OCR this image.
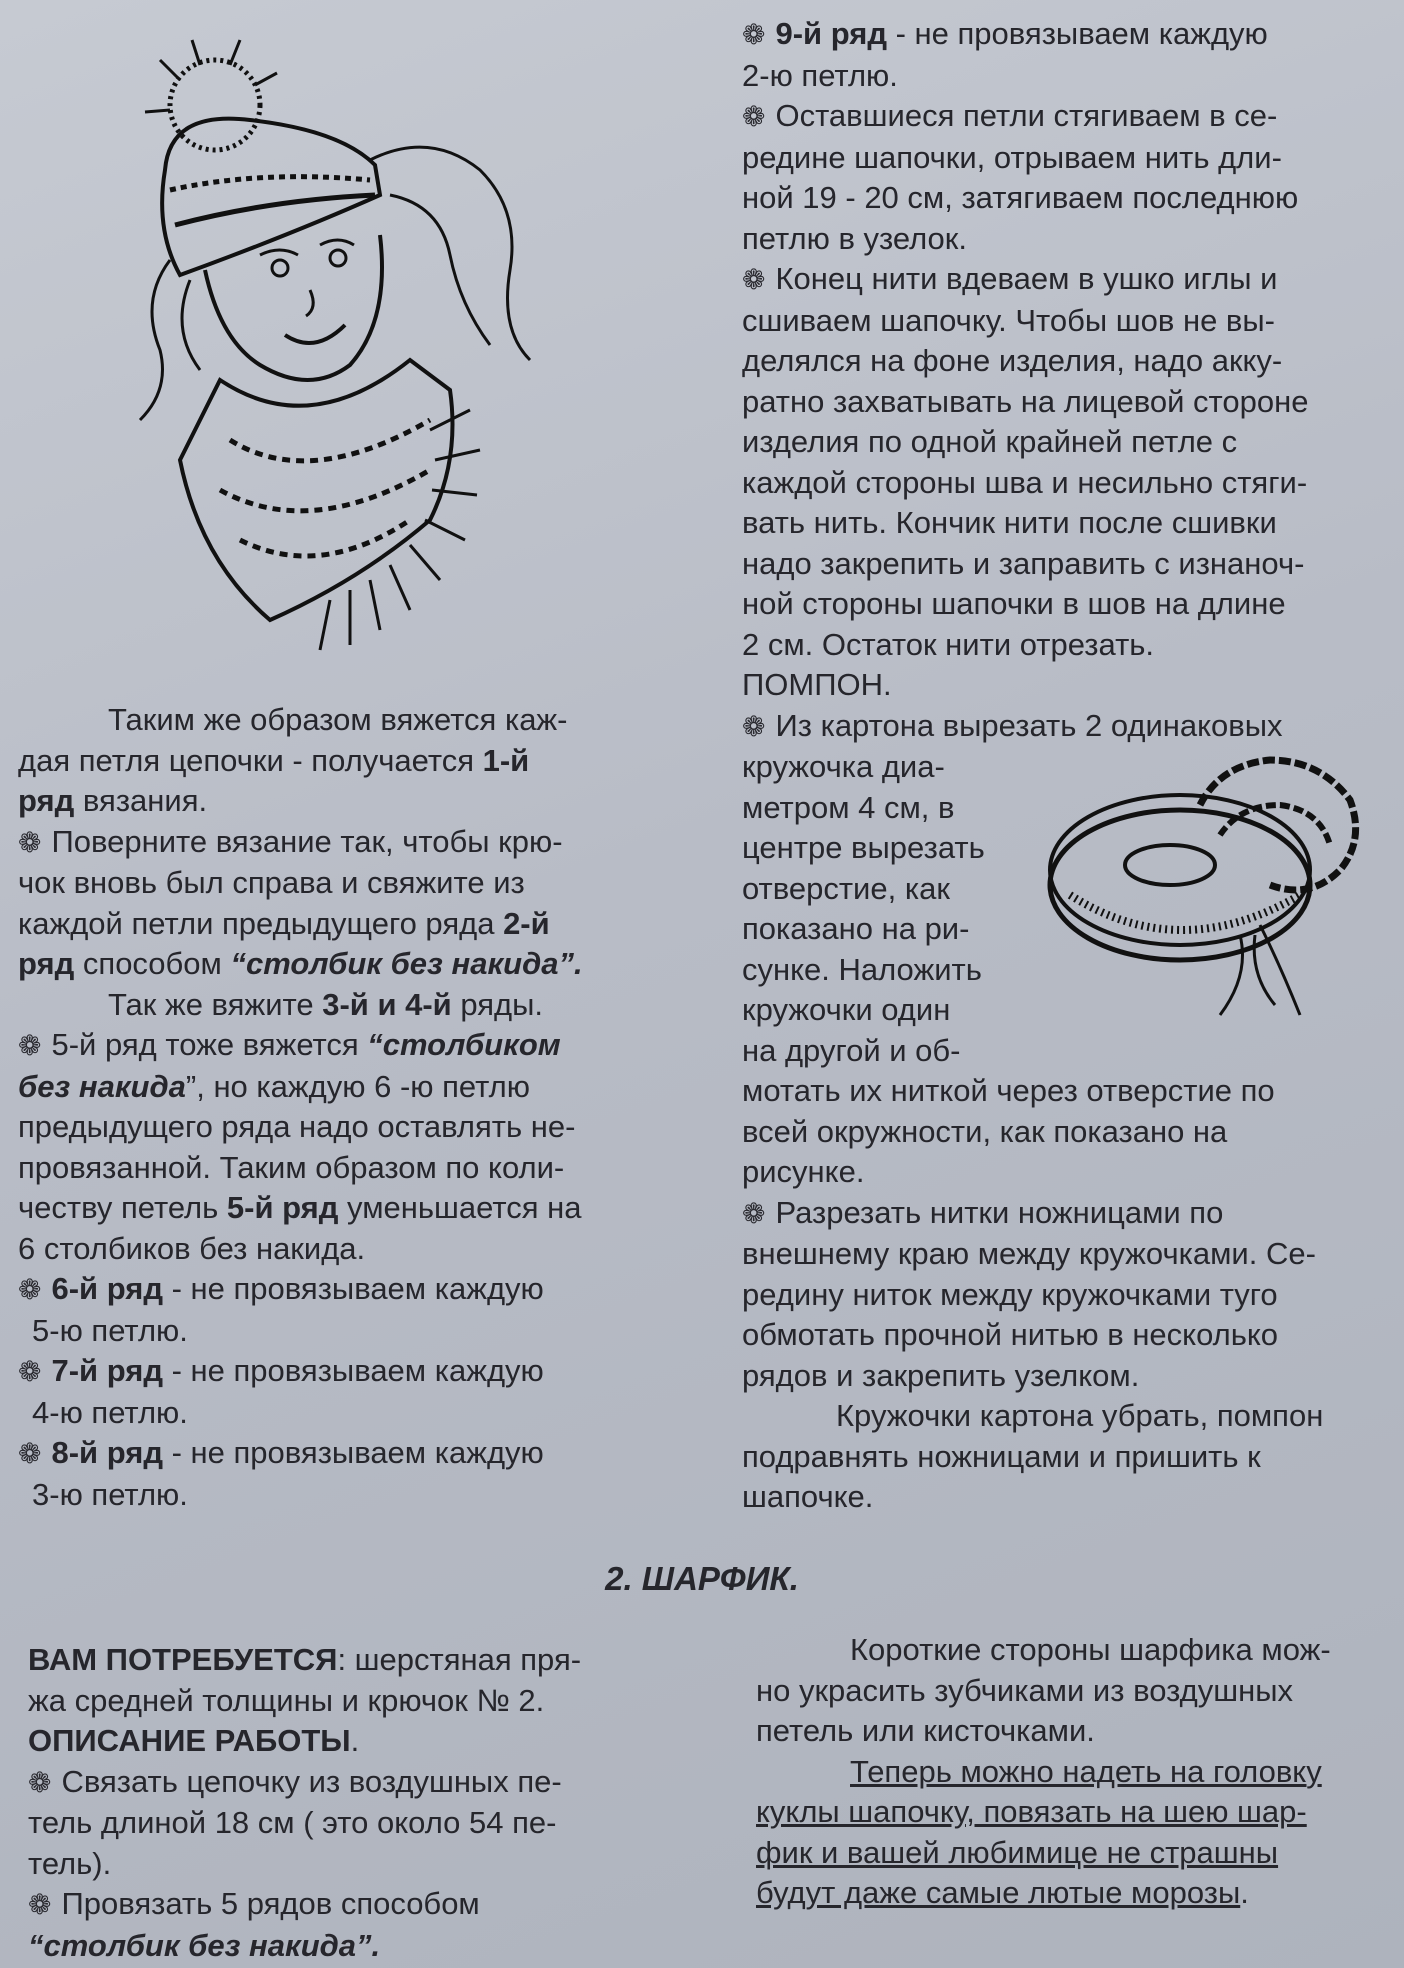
Таким же образом вяжется каж-

дая петля цепочки - получается 1-й

ряд вязания.

❁ Поверните вязание так, чтобы крю-

чок вновь был справа и свяжите из

каждой петли предыдущего ряда 2-й

ряд способом “столбик без накида”.

Так же вяжите 3-й и 4-й ряды.

❁ 5-й ряд тоже вяжется “столбиком

без накида”, но каждую 6 -ю петлю

предыдущего ряда надо оставлять не-

провязанной. Таким образом по коли-

честву петель 5-й ряд уменьшается на

6 столбиков без накида.

❁ 6-й ряд - не провязываем каждую

5-ю петлю.

❁ 7-й ряд - не провязываем каждую

4-ю петлю.

❁ 8-й ряд - не провязываем каждую

3-ю петлю.

❁ 9-й ряд - не провязываем каждую

2-ю петлю.

❁ Оставшиеся петли стягиваем в се-

редине шапочки, отрываем нить дли-

ной 19 - 20 см, затягиваем последнюю

петлю в узелок.

❁ Конец нити вдеваем в ушко иглы и

сшиваем шапочку. Чтобы шов не вы-

делялся на фоне изделия, надо акку-

ратно захватывать на лицевой стороне

изделия по одной крайней петле с

каждой стороны шва и несильно стяги-

вать нить. Кончик нити после сшивки

надо закрепить и заправить с изнаноч-

ной стороны шапочки в шов на длине

2 см. Остаток нити отрезать.

ПОМПОН.

❁ Из картона вырезать 2 одинаковых

кружочка диа-

метром 4 см, в

центре вырезать

отверстие, как

показано на ри-

сунке. Наложить

кружочки один

на другой и об-

мотать их ниткой через отверстие по

всей окружности, как показано на

рисунке.

❁ Разрезать нитки ножницами по

внешнему краю между кружочками. Се-

редину ниток между кружочками туго

обмотать прочной нитью в несколько

рядов и закрепить узелком.

Кружочки картона убрать, помпон

подравнять ножницами и пришить к

шапочке.

2. ШАРФИК.

ВАМ ПОТРЕБУЕТСЯ: шерстяная пря-

жа средней толщины и крючок № 2.

ОПИСАНИЕ РАБОТЫ.

❁ Связать цепочку из воздушных пе-

тель длиной 18 см ( это около 54 пе-

тель).

❁ Провязать 5 рядов способом

“столбик без накида”.

Короткие стороны шарфика мож-

но украсить зубчиками из воздушных

петель или кисточками.

Теперь можно надеть на головку

куклы шапочку, повязать на шею шар-

фик и вашей любимице не страшны

будут даже самые лютые морозы.
